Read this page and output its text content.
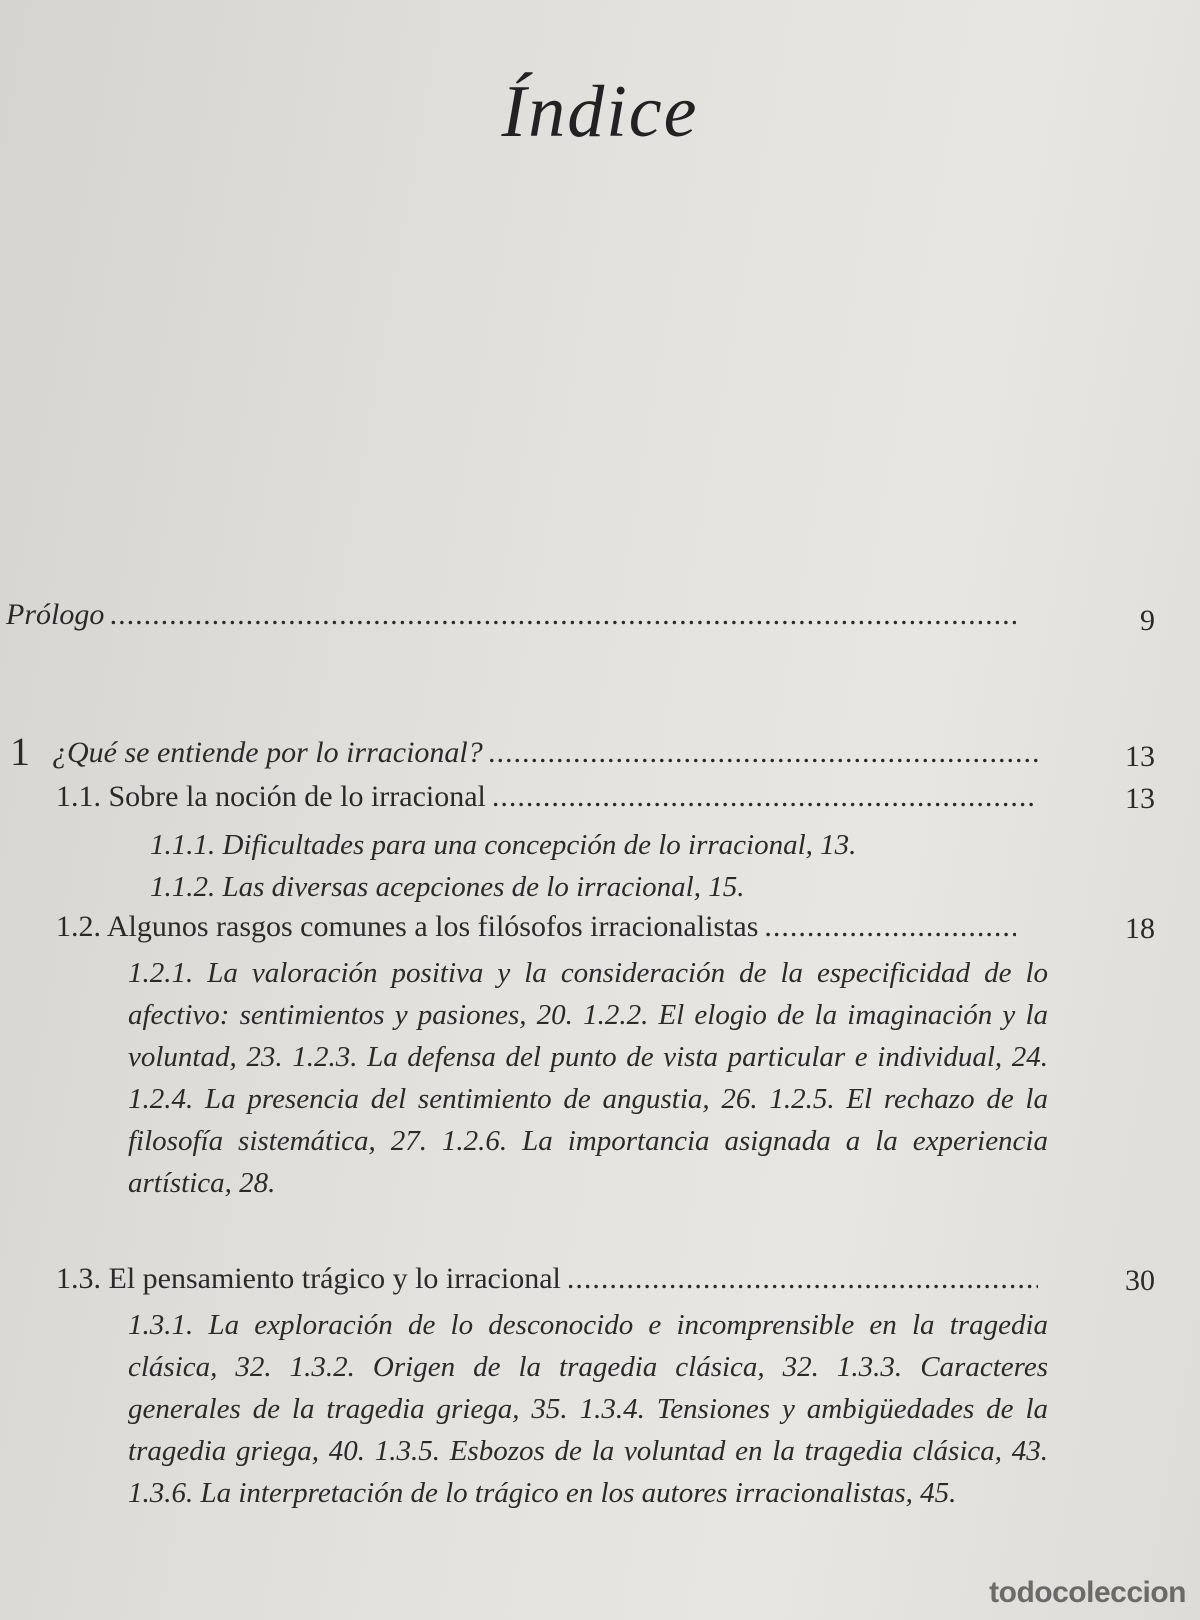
Índice
Prólogo .....	9
1 ¿Qué se entiende por lo irracional? .....	13
1.1. Sobre la noción de lo irracional .....	13
1.1.1. Dificultades para una concepción de lo irracional, 13.
1.1.2. Las diversas acepciones de lo irracional, 15.
1.2. Algunos rasgos comunes a los filósofos irracionalistas .....	18
1.2.1. La valoración positiva y la consideración de la especificidad de lo afectivo: sentimientos y pasiones, 20. 1.2.2. El elogio de la imaginación y la voluntad, 23. 1.2.3. La defensa del punto de vista particular e individual, 24. 1.2.4. La presencia del sentimiento de angustia, 26. 1.2.5. El rechazo de la filosofía sistemática, 27. 1.2.6. La importancia asignada a la experiencia artística, 28.
1.3. El pensamiento trágico y lo irracional .....	30
1.3.1. La exploración de lo desconocido e incomprensible en la tragedia clásica, 32. 1.3.2. Origen de la tragedia clásica, 32. 1.3.3. Caracteres generales de la tragedia griega, 35. 1.3.4. Tensiones y ambigüedades de la tragedia griega, 40. 1.3.5. Esbozos de la voluntad en la tragedia clásica, 43. 1.3.6. La interpretación de lo trágico en los autores irracionalistas, 45.
todocoleccion
